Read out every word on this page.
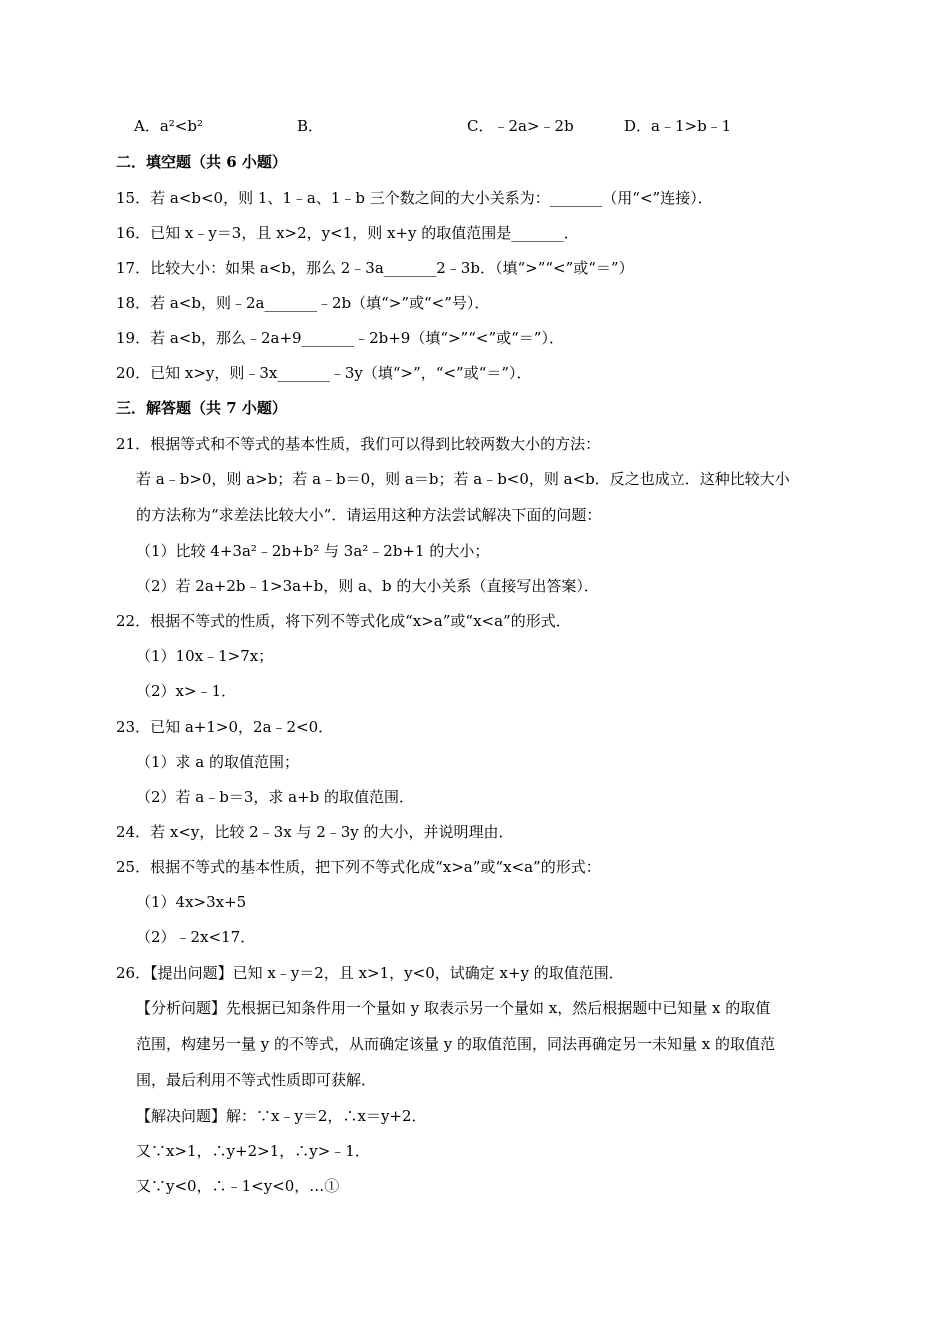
A．a²<b²	B．	C．﹣2a>﹣2b	D．a﹣1>b﹣1
二．填空题（共 6 小题）
15．若 a<b<0，则 1、1﹣a、1﹣b 三个数之间的大小关系为：_______（用“<”连接）．
16．已知 x﹣y＝3，且 x>2，y<1，则 x+y 的取值范围是_______．
17．比较大小：如果 a<b，那么 2﹣3a_______2﹣3b．（填“>”“<”或“＝”）
18．若 a<b，则﹣2a_______﹣2b（填“>”或“<”号）．
19．若 a<b，那么﹣2a+9_______﹣2b+9（填“>”“<”或“＝”）．
20．已知 x>y，则﹣3x_______﹣3y（填“>”，“<”或“＝”）．
三．解答题（共 7 小题）
21．根据等式和不等式的基本性质，我们可以得到比较两数大小的方法：
若 a﹣b>0，则 a>b；若 a﹣b＝0，则 a＝b；若 a﹣b<0，则 a<b．反之也成立．这种比较大小
的方法称为“求差法比较大小”．请运用这种方法尝试解决下面的问题：
（1）比较 4+3a²﹣2b+b² 与 3a²﹣2b+1 的大小；
（2）若 2a+2b﹣1>3a+b，则 a、b 的大小关系（直接写出答案）．
22．根据不等式的性质，将下列不等式化成“x>a”或“x<a”的形式．
（1）10x﹣1>7x；
（2）x>﹣1．
23．已知 a+1>0，2a﹣2<0．
（1）求 a 的取值范围；
（2）若 a﹣b＝3，求 a+b 的取值范围．
24．若 x<y，比较 2﹣3x 与 2﹣3y 的大小，并说明理由．
25．根据不等式的基本性质，把下列不等式化成“x>a”或“x<a”的形式：
（1）4x>3x+5
（2）﹣2x<17．
26．【提出问题】已知 x﹣y＝2，且 x>1，y<0，试确定 x+y 的取值范围．
【分析问题】先根据已知条件用一个量如 y 取表示另一个量如 x，然后根据题中已知量 x 的取值
范围，构建另一量 y 的不等式，从而确定该量 y 的取值范围，同法再确定另一未知量 x 的取值范
围，最后利用不等式性质即可获解．
【解决问题】解：∵x﹣y＝2，∴x＝y+2．
又∵x>1，∴y+2>1，∴y>﹣1．
又∵y<0，∴﹣1<y<0，…①
